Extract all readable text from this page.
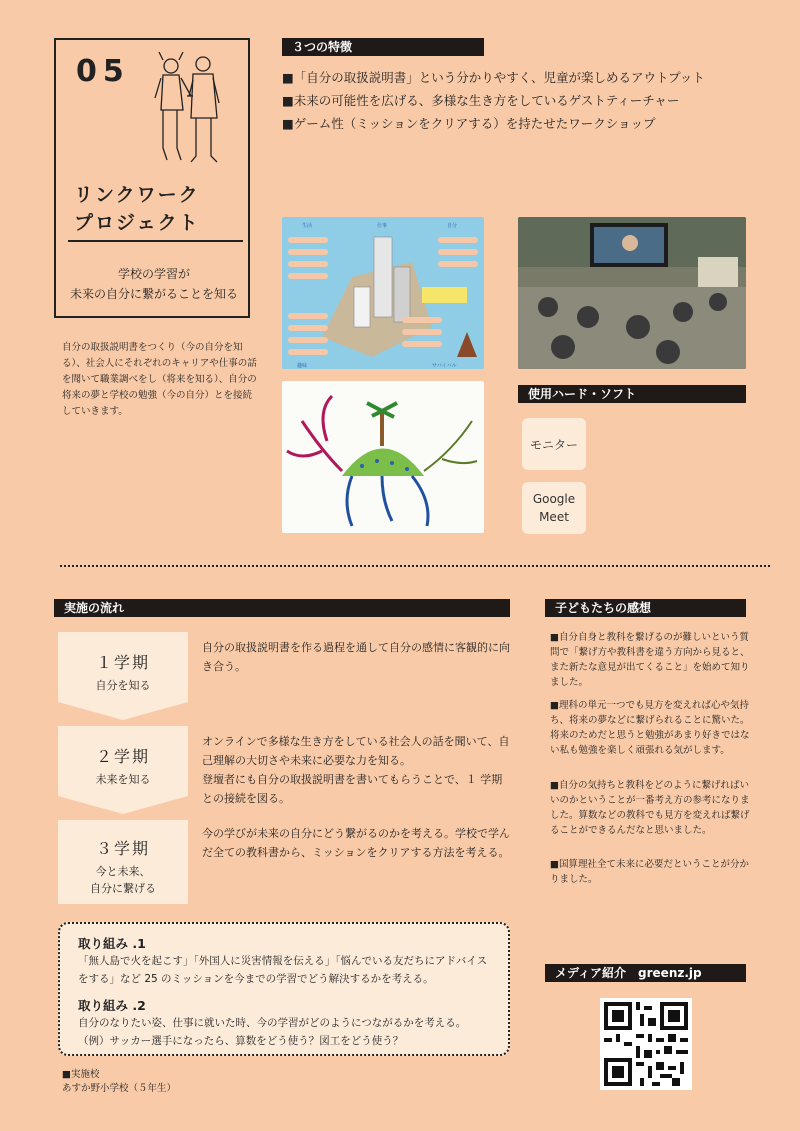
05
リンクワーク
プロジェクト
学校の学習が
未来の自分に繋がることを知る
自分の取扱説明書をつくり（今の自分を知る）、社会人にそれぞれのキャリアや仕事の話を聞いて職業調べをし（将来を知る）、自分の将来の夢と学校の勉強（今の自分）とを接続していきます。
３つの特徴
■「自分の取扱説明書」という分かりやすく、児童が楽しめるアウトプット
■未来の可能性を広げる、多様な生き方をしているゲストティーチャー
■ゲーム性（ミッションをクリアする）を持たせたワークショップ
生活	仕事	自分
趣味	サバイバル
使用ハード・ソフト
モニター
Google
Meet
実施の流れ
１学期
自分を知る
自分の取扱説明書を作る過程を通して自分の感情に客観的に向き合う。
２学期
未来を知る
オンラインで多様な生き方をしている社会人の話を聞いて、自己理解の大切さや未来に必要な力を知る。
登壇者にも自分の取扱説明書を書いてもらうことで、１ 学期との接続を図る。
３学期
今と未来、
自分に繋げる
今の学びが未来の自分にどう繋がるのかを考える。学校で学んだ全ての教科書から、ミッションをクリアする方法を考える。
取り組み .1
「無人島で火を起こす」「外国人に災害情報を伝える」「悩んでいる友だちにアドバイスをする」など 25 のミッションを今までの学習でどう解決するかを考える。
取り組み .2
自分のなりたい姿、仕事に就いた時、今の学習がどのようにつながるかを考える。
（例）サッカー選手になったら、算数をどう使う？図工をどう使う？
■実施校
あすか野小学校（５年生）
子どもたちの感想
■自分自身と教科を繋げるのが難しいという質問で「繋げ方や教科書を違う方向から見ると、また新たな意見が出てくること」を始めて知りました。
■理科の単元一つでも見方を変えれば心や気持ち、将来の夢などに繋げられることに驚いた。将来のためだと思うと勉強があまり好きではない私も勉強を楽しく頑張れる気がします。
■自分の気持ちと教科をどのように繋げればいいのかということが一番考え方の参考になりました。算数などの教科でも見方を変えれば繋げることができるんだなと思いました。
■国算理社全て未来に必要だということが分かりました。
メディア紹介　greenz.jp
